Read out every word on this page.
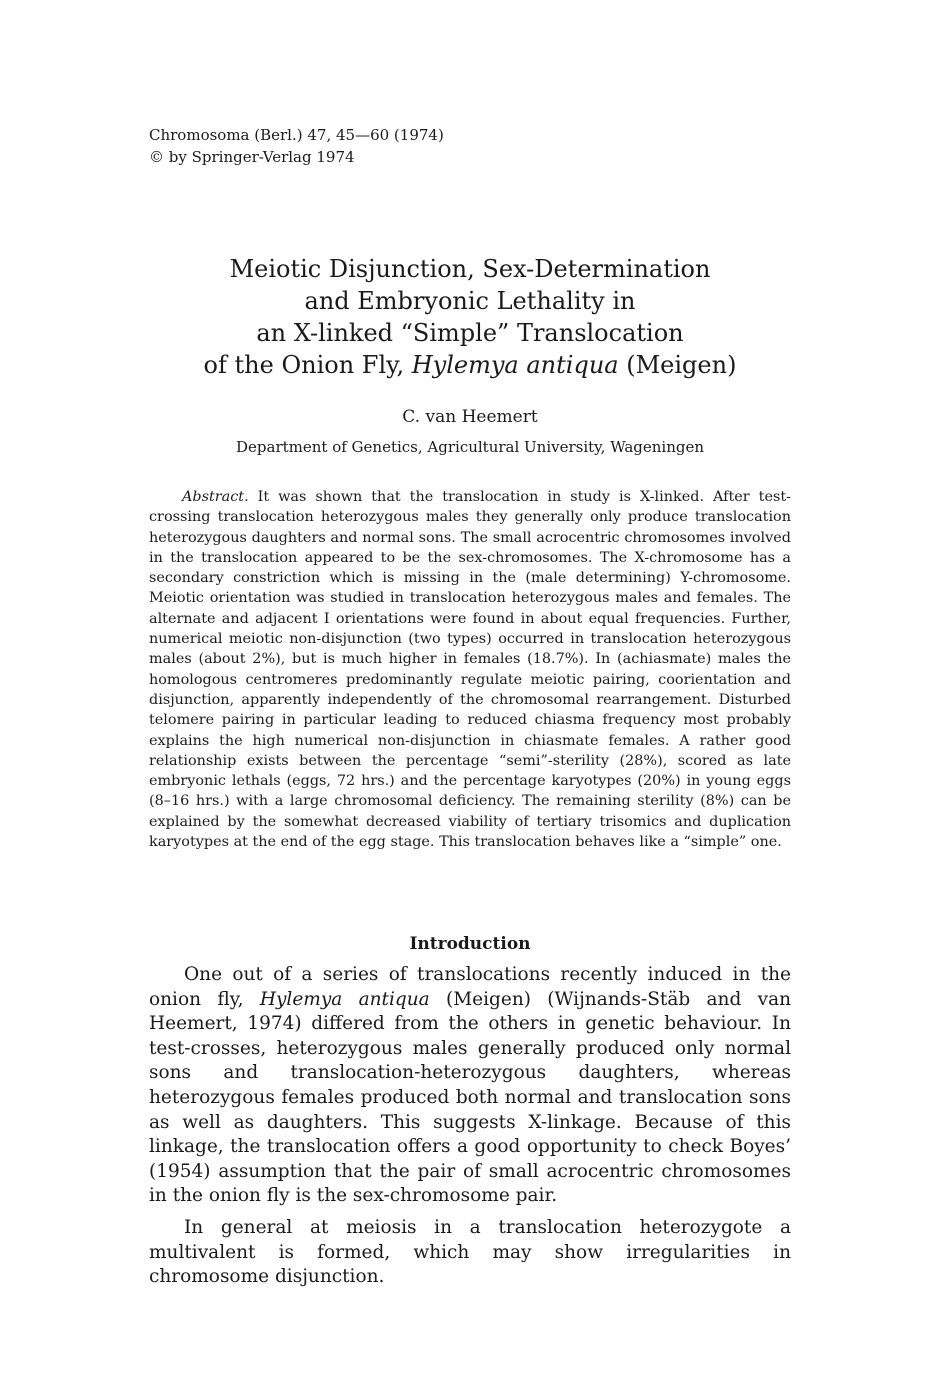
Chromosoma (Berl.) 47, 45—60 (1974)
© by Springer-Verlag 1974
Meiotic Disjunction, Sex-Determination
and Embryonic Lethality in
an X-linked “Simple” Translocation
of the Onion Fly, Hylemya antiqua (Meigen)
C. van Heemert
Department of Genetics, Agricultural University, Wageningen

Abstract. It was shown that the translocation in study is X-linked. After test-crossing translocation heterozygous males they generally only produce translocation heterozygous daughters and normal sons. The small acrocentric chromosomes involved in the translocation appeared to be the sex-chromosomes. The X-chromosome has a secondary constriction which is missing in the (male determining) Y-chromosome. Meiotic orientation was studied in translocation heterozygous males and females. The alternate and adjacent I orientations were found in about equal frequencies. Further, numerical meiotic non-disjunction (two types) occurred in translocation heterozygous males (about 2%), but is much higher in females (18.7%). In (achiasmate) males the homologous centromeres predominantly regulate meiotic pairing, coorientation and disjunction, apparently independently of the chromosomal rearrangement. Disturbed telomere pairing in particular leading to reduced chiasma frequency most probably explains the high numerical non-disjunction in chiasmate females. A rather good relationship exists between the percentage “semi”-sterility (28%), scored as late embryonic lethals (eggs, 72 hrs.) and the percentage karyotypes (20%) in young eggs (8–16 hrs.) with a large chromosomal deficiency. The remaining sterility (8%) can be explained by the somewhat decreased viability of tertiary trisomics and duplication karyotypes at the end of the egg stage. This translocation behaves like a “simple” one.

Introduction

One out of a series of translocations recently induced in the onion fly, Hylemya antiqua (Meigen) (Wijnands-Stäb and van Heemert, 1974) differed from the others in genetic behaviour. In test-crosses, heterozygous males generally produced only normal sons and translocation-heterozygous daughters, whereas heterozygous females produced both normal and translocation sons as well as daughters. This suggests X-linkage. Because of this linkage, the translocation offers a good opportunity to check Boyes’ (1954) assumption that the pair of small acrocentric chromosomes in the onion fly is the sex-chromosome pair.

In general at meiosis in a translocation heterozygote a multivalent is formed, which may show irregularities in chromosome disjunction.
